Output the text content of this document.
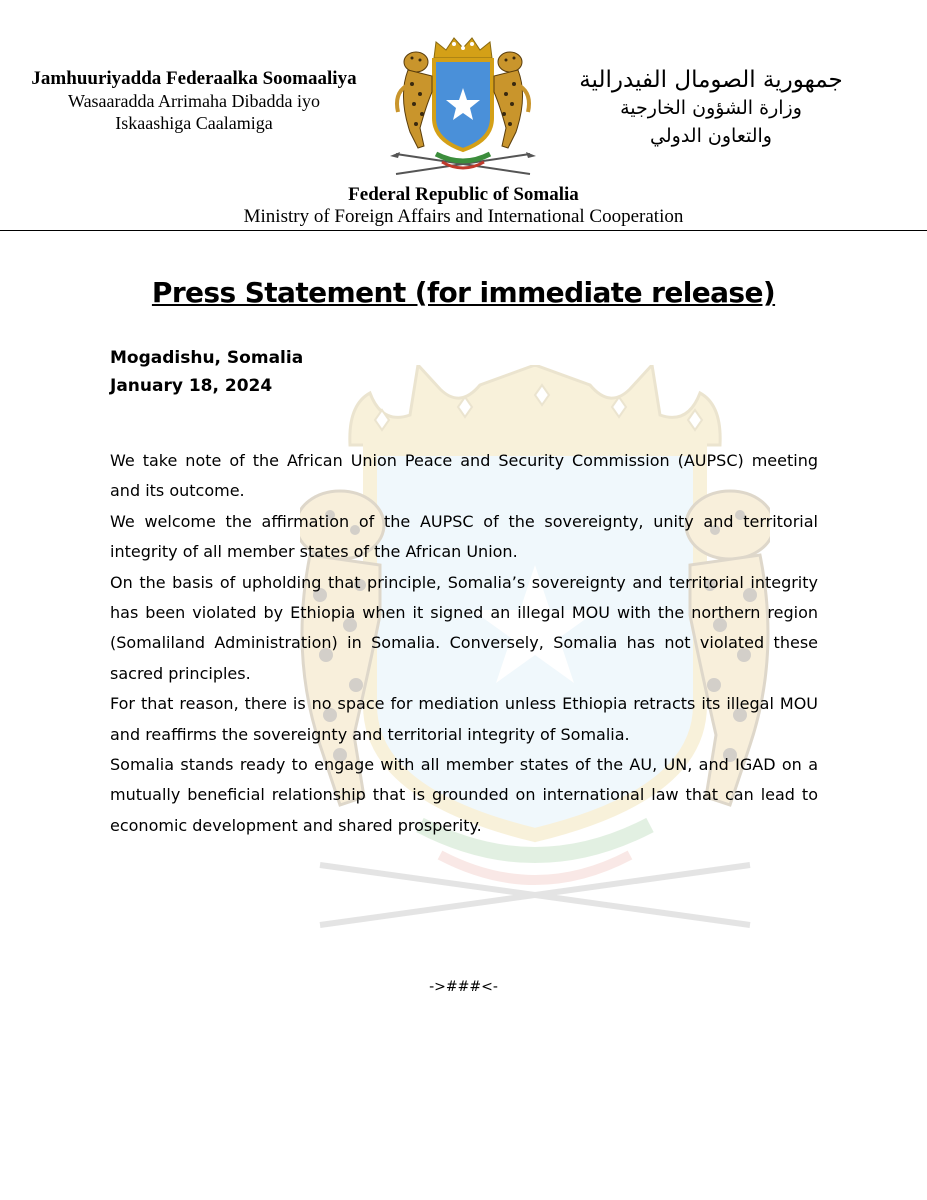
Jamhuuriyadda Federaalka Soomaaliya
Wasaaradda Arrimaha Dibadda iyo
Iskaashiga Caalamiga
جمهورية الصومال الفيدرالية
وزارة الشؤون الخارجية
والتعاون الدولي
Federal Republic of Somalia
Ministry of Foreign Affairs and International Cooperation
Press Statement (for immediate release)
Mogadishu, Somalia
January 18, 2024

We take note of the African Union Peace and Security Commission (AUPSC) meeting and its outcome.

We welcome the affirmation of the AUPSC of the sovereignty, unity and territorial integrity of all member states of the African Union.

On the basis of upholding that principle, Somalia’s sovereignty and territorial integrity has been violated by Ethiopia when it signed an illegal MOU with the northern region (Somaliland Administration) in Somalia. Conversely, Somalia has not violated these sacred principles.

For that reason, there is no space for mediation unless Ethiopia retracts its illegal MOU and reaffirms the sovereignty and territorial integrity of Somalia.

Somalia stands ready to engage with all member states of the AU, UN, and IGAD on a mutually beneficial relationship that is grounded on international law that can lead to economic development and shared prosperity.

->###<-
